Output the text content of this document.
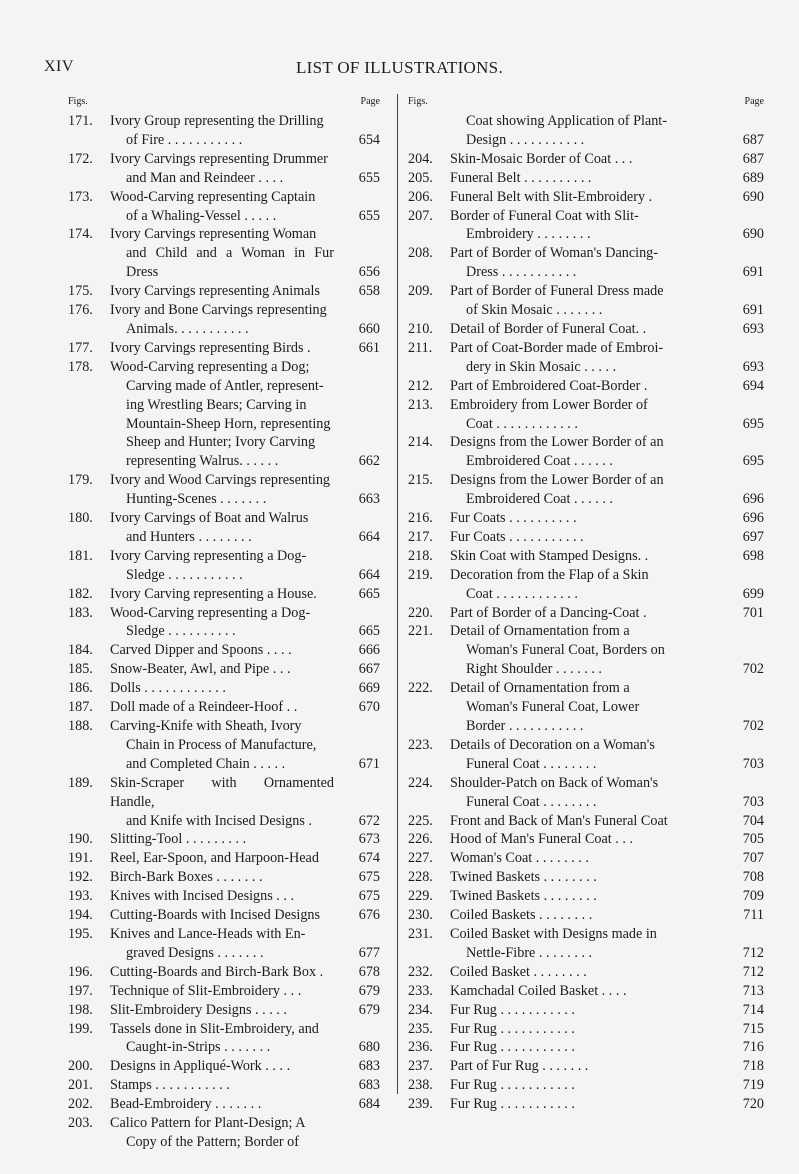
XIV	LIST OF ILLUSTRATIONS.
Figs.	Page
171.	Ivory Group representing the Drilling
of Fire . . . . . . . . . . .	654
172.	Ivory Carvings representing Drummer
and Man and Reindeer . . . .	655
173.	Wood-Carving representing Captain
of a Whaling-Vessel . . . . .	655
174.	Ivory Carvings representing Woman
and Child and a Woman in Fur Dress	656
175.	Ivory Carvings representing Animals	658
176.	Ivory and Bone Carvings representing
Animals. . . . . . . . . . .	660
177.	Ivory Carvings representing Birds .	661
178.	Wood-Carving representing a Dog;
Carving made of Antler, represent-
ing Wrestling Bears; Carving in
Mountain-Sheep Horn, representing
Sheep and Hunter; Ivory Carving
representing Walrus. . . . . .	662
179.	Ivory and Wood Carvings representing
Hunting-Scenes . . . . . . .	663
180.	Ivory Carvings of Boat and Walrus
and Hunters . . . . . . . .	664
181.	Ivory Carving representing a Dog-
Sledge . . . . . . . . . . .	664
182.	Ivory Carving representing a House.	665
183.	Wood-Carving representing a Dog-
Sledge . . . . . . . . . .	665
184.	Carved Dipper and Spoons . . . .	666
185.	Snow-Beater, Awl, and Pipe . . .	667
186.	Dolls . . . . . . . . . . . .	669
187.	Doll made of a Reindeer-Hoof . .	670
188.	Carving-Knife with Sheath, Ivory
Chain in Process of Manufacture,
and Completed Chain . . . . .	671
189.	Skin-Scraper with Ornamented Handle,
and Knife with Incised Designs .	672
190.	Slitting-Tool . . . . . . . . .	673
191.	Reel, Ear-Spoon, and Harpoon-Head	674
192.	Birch-Bark Boxes . . . . . . .	675
193.	Knives with Incised Designs . . .	675
194.	Cutting-Boards with Incised Designs	676
195.	Knives and Lance-Heads with En-
graved Designs . . . . . . .	677
196.	Cutting-Boards and Birch-Bark Box .	678
197.	Technique of Slit-Embroidery . . .	679
198.	Slit-Embroidery Designs . . . . .	679
199.	Tassels done in Slit-Embroidery, and
Caught-in-Strips . . . . . . .	680
200.	Designs in Appliqué-Work . . . .	683
201.	Stamps . . . . . . . . . . .	683
202.	Bead-Embroidery . . . . . . .	684
203.	Calico Pattern for Plant-Design; A
Copy of the Pattern; Border of
Figs.	Page
Coat showing Application of Plant-
Design . . . . . . . . . . .	687
204.	Skin-Mosaic Border of Coat . . .	687
205.	Funeral Belt . . . . . . . . . .	689
206.	Funeral Belt with Slit-Embroidery .	690
207.	Border of Funeral Coat with Slit-
Embroidery . . . . . . . .	690
208.	Part of Border of Woman's Dancing-
Dress . . . . . . . . . . .	691
209.	Part of Border of Funeral Dress made
of Skin Mosaic . . . . . . .	691
210.	Detail of Border of Funeral Coat. .	693
211.	Part of Coat-Border made of Embroi-
dery in Skin Mosaic . . . . .	693
212.	Part of Embroidered Coat-Border .	694
213.	Embroidery from Lower Border of
Coat . . . . . . . . . . . .	695
214.	Designs from the Lower Border of an
Embroidered Coat . . . . . .	695
215.	Designs from the Lower Border of an
Embroidered Coat . . . . . .	696
216.	Fur Coats . . . . . . . . . .	696
217.	Fur Coats . . . . . . . . . . .	697
218.	Skin Coat with Stamped Designs. .	698
219.	Decoration from the Flap of a Skin
Coat . . . . . . . . . . . .	699
220.	Part of Border of a Dancing-Coat .	701
221.	Detail of Ornamentation from a
Woman's Funeral Coat, Borders on
Right Shoulder . . . . . . .	702
222.	Detail of Ornamentation from a
Woman's Funeral Coat, Lower
Border . . . . . . . . . . .	702
223.	Details of Decoration on a Woman's
Funeral Coat . . . . . . . .	703
224.	Shoulder-Patch on Back of Woman's
Funeral Coat . . . . . . . .	703
225.	Front and Back of Man's Funeral Coat	704
226.	Hood of Man's Funeral Coat . . .	705
227.	Woman's Coat . . . . . . . .	707
228.	Twined Baskets . . . . . . . .	708
229.	Twined Baskets . . . . . . . .	709
230.	Coiled Baskets . . . . . . . .	711
231.	Coiled Basket with Designs made in
Nettle-Fibre . . . . . . . .	712
232.	Coiled Basket . . . . . . . .	712
233.	Kamchadal Coiled Basket . . . .	713
234.	Fur Rug . . . . . . . . . . .	714
235.	Fur Rug . . . . . . . . . . .	715
236.	Fur Rug . . . . . . . . . . .	716
237.	Part of Fur Rug . . . . . . .	718
238.	Fur Rug . . . . . . . . . . .	719
239.	Fur Rug . . . . . . . . . . .	720
